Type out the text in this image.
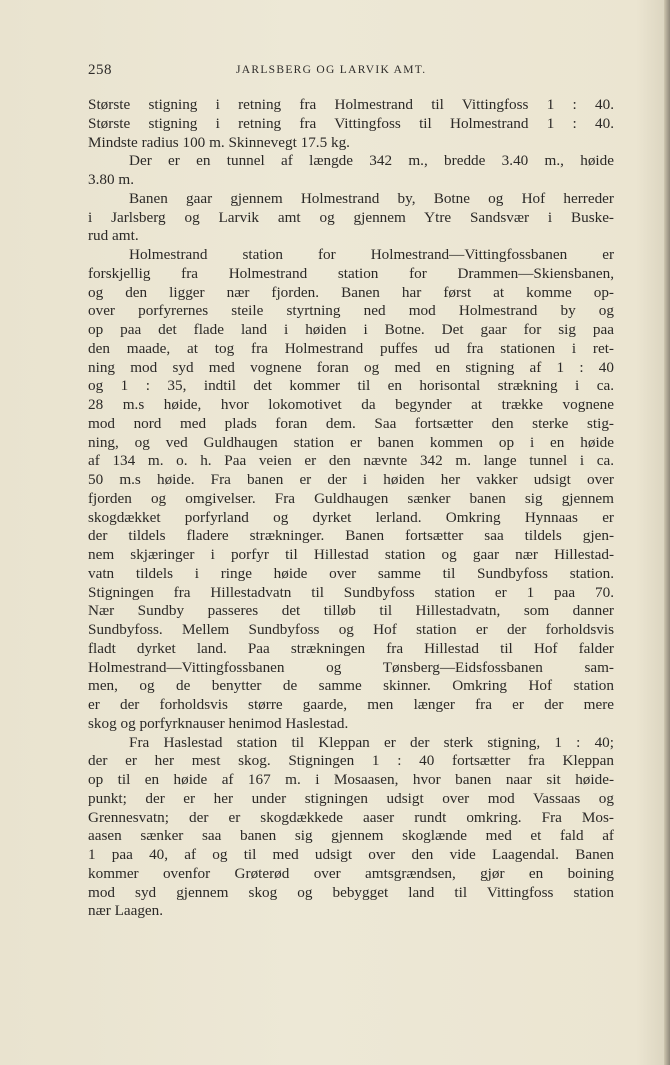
258	JARLSBERG OG LARVIK AMT.
Største stigning i retning fra Holmestrand til Vittingfoss 1 : 40.
Største stigning i retning fra Vittingfoss til Holmestrand 1 : 40.
Mindste radius 100 m. Skinnevegt 17.5 kg.
Der er en tunnel af længde 342 m., bredde 3.40 m., høide
3.80 m.
Banen gaar gjennem Holmestrand by, Botne og Hof herreder
i Jarlsberg og Larvik amt og gjennem Ytre Sandsvær i Buske-
rud amt.
Holmestrand station for Holmestrand—Vittingfossbanen er
forskjellig fra Holmestrand station for Drammen—Skiensbanen,
og den ligger nær fjorden. Banen har først at komme op-
over porfyrernes steile styrtning ned mod Holmestrand by og
op paa det flade land i høiden i Botne. Det gaar for sig paa
den maade, at tog fra Holmestrand puffes ud fra stationen i ret-
ning mod syd med vognene foran og med en stigning af 1 : 40
og 1 : 35, indtil det kommer til en horisontal strækning i ca.
28 m.s høide, hvor lokomotivet da begynder at trække vognene
mod nord med plads foran dem. Saa fortsætter den sterke stig-
ning, og ved Guldhaugen station er banen kommen op i en høide
af 134 m. o. h. Paa veien er den nævnte 342 m. lange tunnel i ca.
50 m.s høide. Fra banen er der i høiden her vakker udsigt over
fjorden og omgivelser. Fra Guldhaugen sænker banen sig gjennem
skogdækket porfyrland og dyrket lerland. Omkring Hynnaas er
der tildels fladere strækninger. Banen fortsætter saa tildels gjen-
nem skjæringer i porfyr til Hillestad station og gaar nær Hillestad-
vatn tildels i ringe høide over samme til Sundbyfoss station.
Stigningen fra Hillestadvatn til Sundbyfoss station er 1 paa 70.
Nær Sundby passeres det tilløb til Hillestadvatn, som danner
Sundbyfoss. Mellem Sundbyfoss og Hof station er der forholdsvis
fladt dyrket land. Paa strækningen fra Hillestad til Hof falder
Holmestrand—Vittingfossbanen og Tønsberg—Eidsfossbanen sam-
men, og de benytter de samme skinner. Omkring Hof station
er der forholdsvis større gaarde, men længer fra er der mere
skog og porfyrknauser henimod Haslestad.
Fra Haslestad station til Kleppan er der sterk stigning, 1 : 40;
der er her mest skog. Stigningen 1 : 40 fortsætter fra Kleppan
op til en høide af 167 m. i Mosaasen, hvor banen naar sit høide-
punkt; der er her under stigningen udsigt over mod Vassaas og
Grennesvatn; der er skogdækkede aaser rundt omkring. Fra Mos-
aasen sænker saa banen sig gjennem skoglænde med et fald af
1 paa 40, af og til med udsigt over den vide Laagendal. Banen
kommer ovenfor Grøterød over amtsgrændsen, gjør en boining
mod syd gjennem skog og bebygget land til Vittingfoss station
nær Laagen.
